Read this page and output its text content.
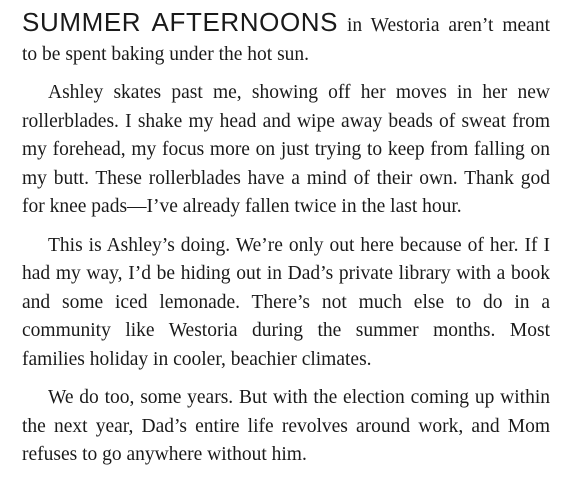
SUMMER AFTERNOONS in Westoria aren’t meant to be spent baking under the hot sun.

Ashley skates past me, showing off her moves in her new rollerblades. I shake my head and wipe away beads of sweat from my forehead, my focus more on just trying to keep from falling on my butt. These rollerblades have a mind of their own. Thank god for knee pads—I’ve already fallen twice in the last hour.

This is Ashley’s doing. We’re only out here because of her. If I had my way, I’d be hiding out in Dad’s private library with a book and some iced lemonade. There’s not much else to do in a community like Westoria during the summer months. Most families holiday in cooler, beachier climates.

We do too, some years. But with the election coming up within the next year, Dad’s entire life revolves around work, and Mom refuses to go anywhere without him.
